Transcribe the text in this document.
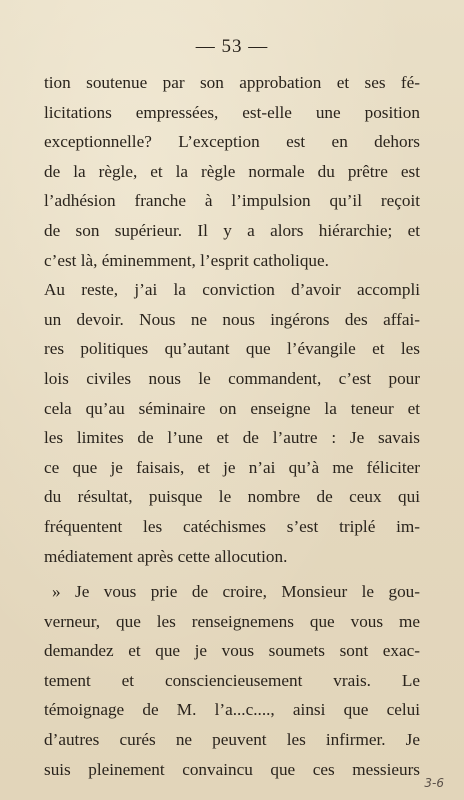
— 53 —
tion soutenue par son approbation et ses fé-
licitations empressées, est-elle une position
exceptionnelle? L’exception est en dehors
de la règle, et la règle normale du prêtre est
l’adhésion franche à l’impulsion qu’il reçoit
de son supérieur. Il y a alors hiérarchie; et
c’est là, éminemment, l’esprit catholique.
Au reste, j’ai la conviction d’avoir accompli
un devoir. Nous ne nous ingérons des affai-
res politiques qu’autant que l’évangile et les
lois civiles nous le commandent, c’est pour
cela qu’au séminaire on enseigne la teneur et
les limites de l’une et de l’autre : Je savais
ce que je faisais, et je n’ai qu’à me féliciter
du résultat, puisque le nombre de ceux qui
fréquentent les catéchismes s’est triplé im-
médiatement après cette allocution.
» Je vous prie de croire, Monsieur le gou-
verneur, que les renseignemens que vous me
demandez et que je vous soumets sont exac-
tement et consciencieusement vrais. Le
témoignage de M. l’a...c...., ainsi que celui
d’autres curés ne peuvent les infirmer. Je
suis pleinement convaincu que ces messieurs
3-6
